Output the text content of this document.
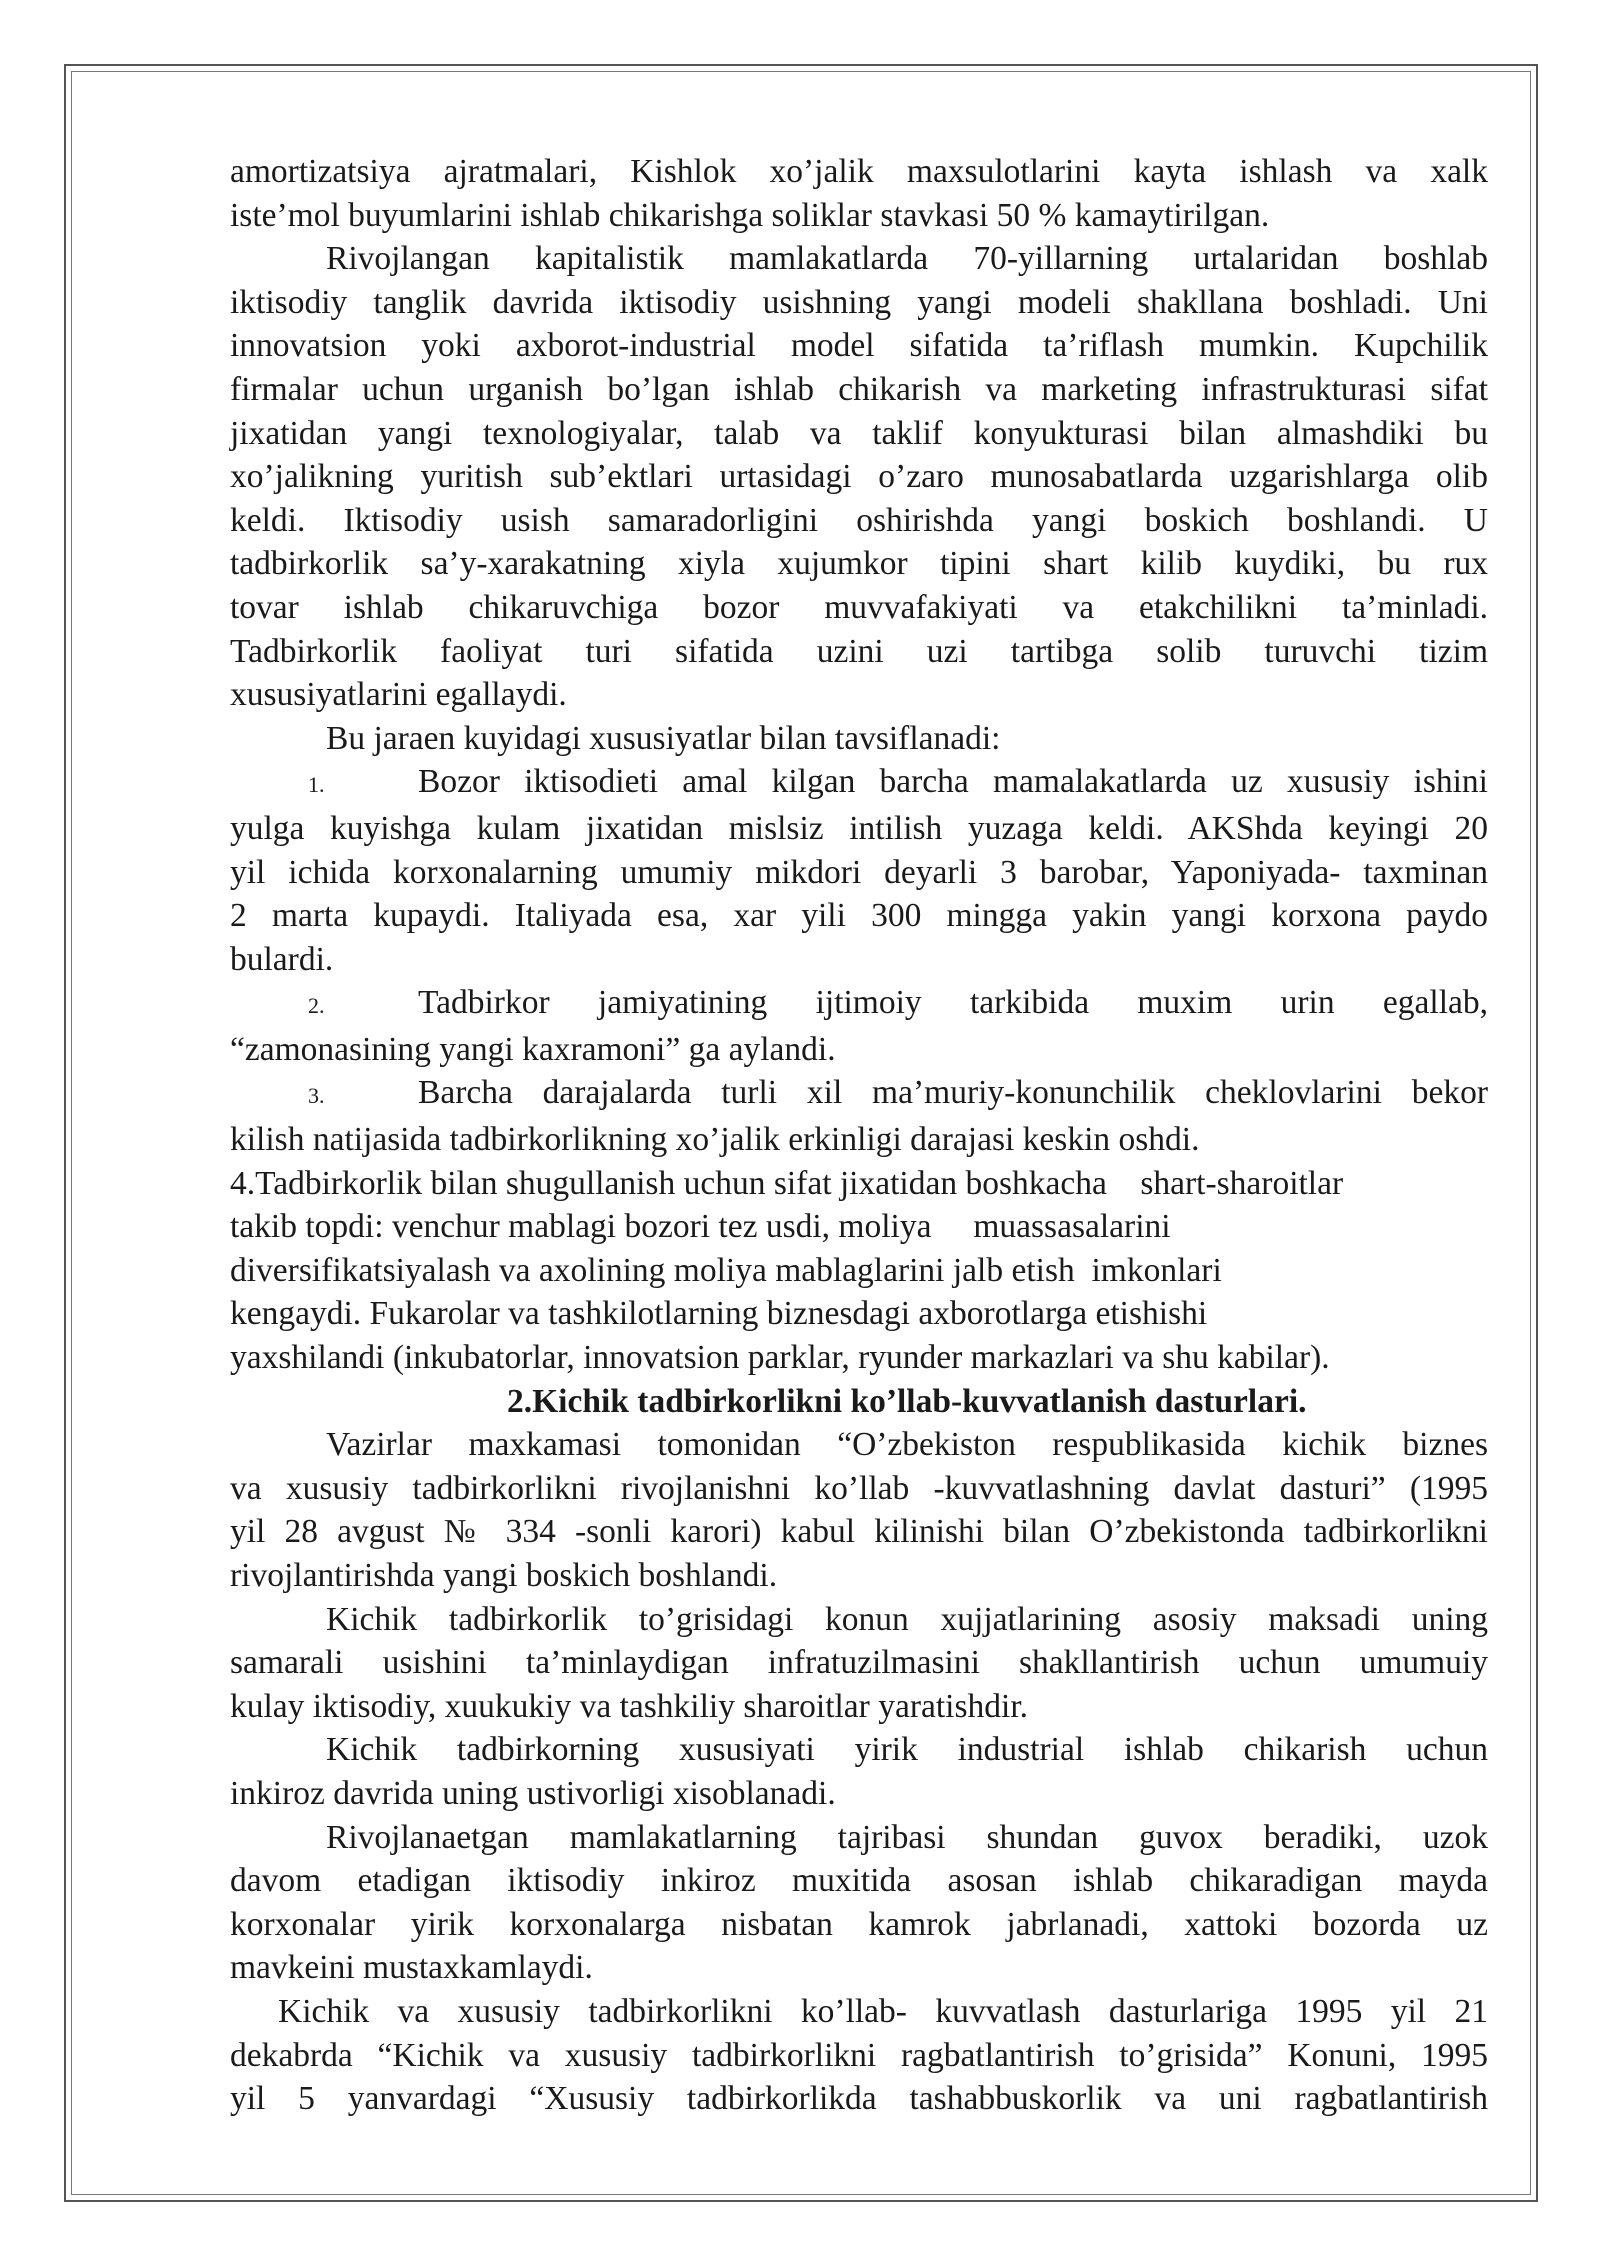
amortizatsiya ajratmalari, Kishlok xo’jalik maxsulotlarini kayta ishlash va xalk

iste’mol buyumlarini ishlab chikarishga soliklar stavkasi 50 % kamaytirilgan.

Rivojlangan kapitalistik mamlakatlarda 70-yillarning urtalaridan boshlab

iktisodiy tanglik davrida iktisodiy usishning yangi modeli shakllana boshladi. Uni

innovatsion yoki axborot-industrial model sifatida ta’riflash mumkin. Kupchilik

firmalar uchun urganish bo’lgan ishlab chikarish va marketing infrastrukturasi sifat

jixatidan yangi texnologiyalar, talab va taklif konyukturasi bilan almashdiki bu

xo’jalikning yuritish sub’ektlari urtasidagi o’zaro munosabatlarda uzgarishlarga olib

keldi. Iktisodiy usish samaradorligini oshirishda yangi boskich boshlandi. U

tadbirkorlik sa’y-xarakatning xiyla xujumkor tipini shart kilib kuydiki, bu rux

tovar ishlab chikaruvchiga bozor muvvafakiyati va etakchilikni ta’minladi.

Tadbirkorlik faoliyat turi sifatida uzini uzi tartibga solib turuvchi tizim

xususiyatlarini egallaydi.

Bu jaraen kuyidagi xususiyatlar bilan tavsiflanadi:

1.	Bozor iktisodieti amal kilgan barcha mamalakatlarda uz xususiy ishini

yulga kuyishga kulam jixatidan mislsiz intilish yuzaga keldi. AKShda keyingi 20

yil ichida korxonalarning umumiy mikdori deyarli 3 barobar, Yaponiyada- taxminan

2 marta kupaydi. Italiyada esa, xar yili 300 mingga yakin yangi korxona paydo

bulardi.

2.	Tadbirkor jamiyatining ijtimoiy tarkibida muxim urin egallab,

“zamonasining yangi kaxramoni” ga aylandi.

3.	Barcha darajalarda turli xil ma’muriy-konunchilik cheklovlarini bekor

kilish natijasida tadbirkorlikning xo’jalik erkinligi darajasi keskin oshdi.

4.Tadbirkorlik bilan shugullanish uchun sifat jixatidan boshkacha    shart-sharoitlar

takib topdi: venchur mablagi bozori tez usdi, moliya     muassasalarini

diversifikatsiyalash va axolining moliya mablaglarini jalb etish  imkonlari

kengaydi. Fukarolar va tashkilotlarning biznesdagi axborotlarga etishishi

yaxshilandi (inkubatorlar, innovatsion parklar, ryunder markazlari va shu kabilar).

2.Kichik tadbirkorlikni ko’llab-kuvvatlanish dasturlari.

Vazirlar maxkamasi tomonidan “O’zbekiston respublikasida kichik biznes

va xususiy tadbirkorlikni rivojlanishni ko’llab -kuvvatlashning davlat dasturi” (1995

yil 28 avgust № 334 -sonli karori) kabul kilinishi bilan O’zbekistonda tadbirkorlikni

rivojlantirishda yangi boskich boshlandi.

Kichik tadbirkorlik to’grisidagi konun xujjatlarining asosiy maksadi uning

samarali usishini ta’minlaydigan infratuzilmasini shakllantirish uchun umumuiy

kulay iktisodiy, xuukukiy va tashkiliy sharoitlar yaratishdir.

Kichik tadbirkorning xususiyati yirik industrial ishlab chikarish uchun

inkiroz davrida uning ustivorligi xisoblanadi.

Rivojlanaetgan mamlakatlarning tajribasi shundan guvox beradiki, uzok

davom etadigan iktisodiy inkiroz muxitida asosan ishlab chikaradigan mayda

korxonalar yirik korxonalarga nisbatan kamrok jabrlanadi, xattoki bozorda uz

mavkeini mustaxkamlaydi.

Kichik va xususiy tadbirkorlikni ko’llab- kuvvatlash dasturlariga 1995 yil 21

dekabrda “Kichik va xususiy tadbirkorlikni ragbatlantirish to’grisida” Konuni, 1995

yil 5 yanvardagi “Xususiy tadbirkorlikda tashabbuskorlik va uni ragbatlantirish
